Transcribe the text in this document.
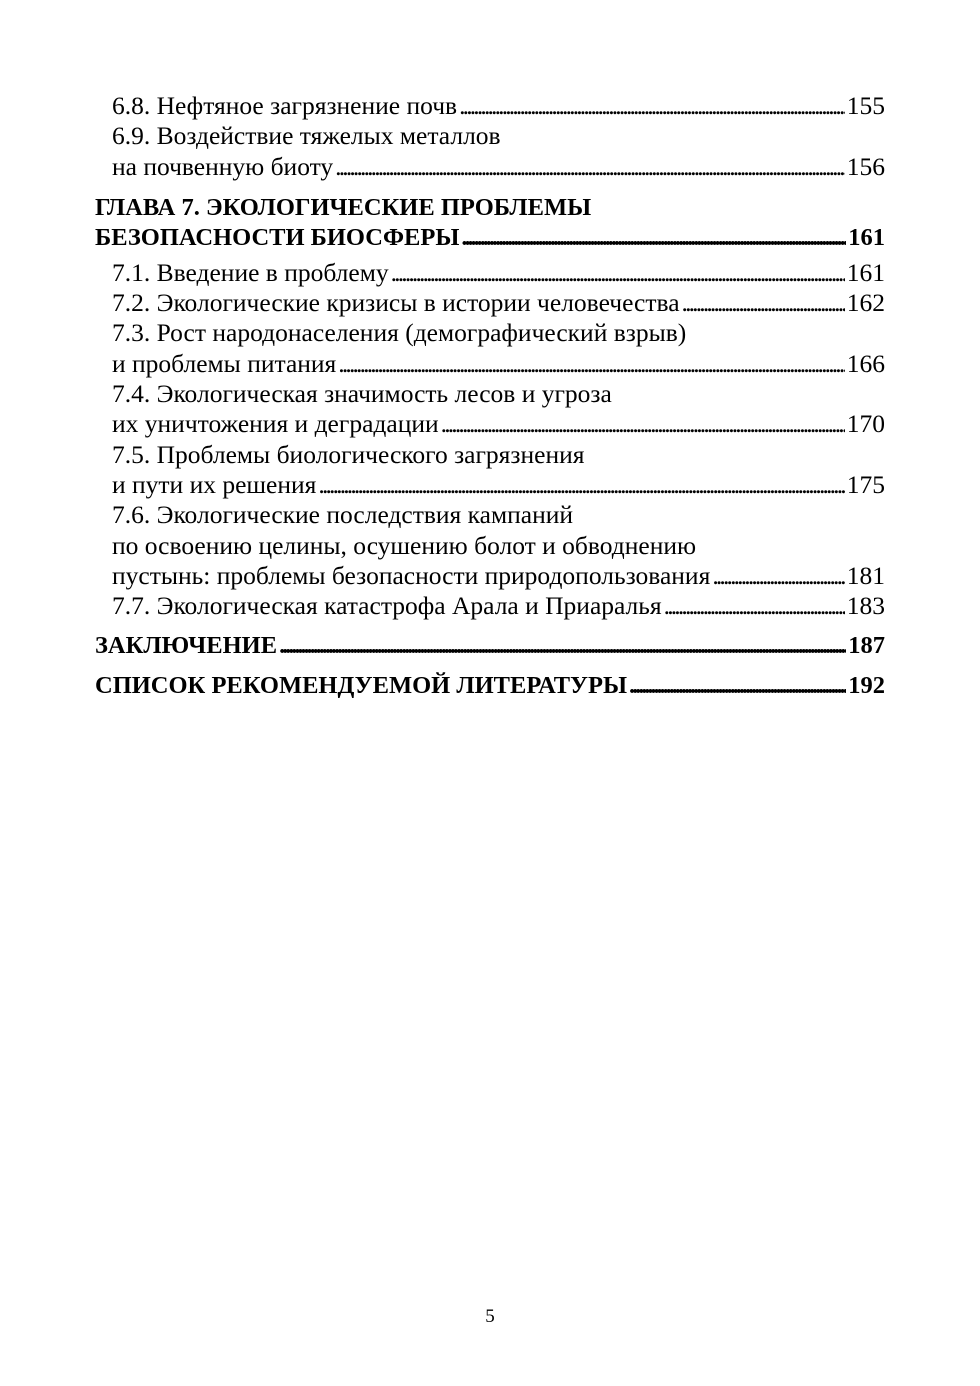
6.8. Нефтяное загрязнение почв . . .	155
6.9. Воздействие тяжелых металлов
на почвенную биоту . . .	156
ГЛАВА 7. ЭКОЛОГИЧЕСКИЕ ПРОБЛЕМЫ
БЕЗОПАСНОСТИ БИОСФЕРЫ . . .	161
7.1. Введение в проблему . . .	161
7.2. Экологические кризисы в истории человечества . . .	162
7.3. Рост народонаселения (демографический взрыв)
и проблемы питания . . .	166
7.4. Экологическая значимость лесов и угроза
их уничтожения и деградации . . .	170
7.5. Проблемы биологического загрязнения
и пути их решения . . .	175
7.6. Экологические последствия кампаний
по освоению целины, осушению болот и обводнению
пустынь: проблемы безопасности природопользования . . .	181
7.7. Экологическая катастрофа Арала и Приаралья . . .	183
ЗАКЛЮЧЕНИЕ . . .	187
СПИСОК РЕКОМЕНДУЕМОЙ ЛИТЕРАТУРЫ . . .	192
5
